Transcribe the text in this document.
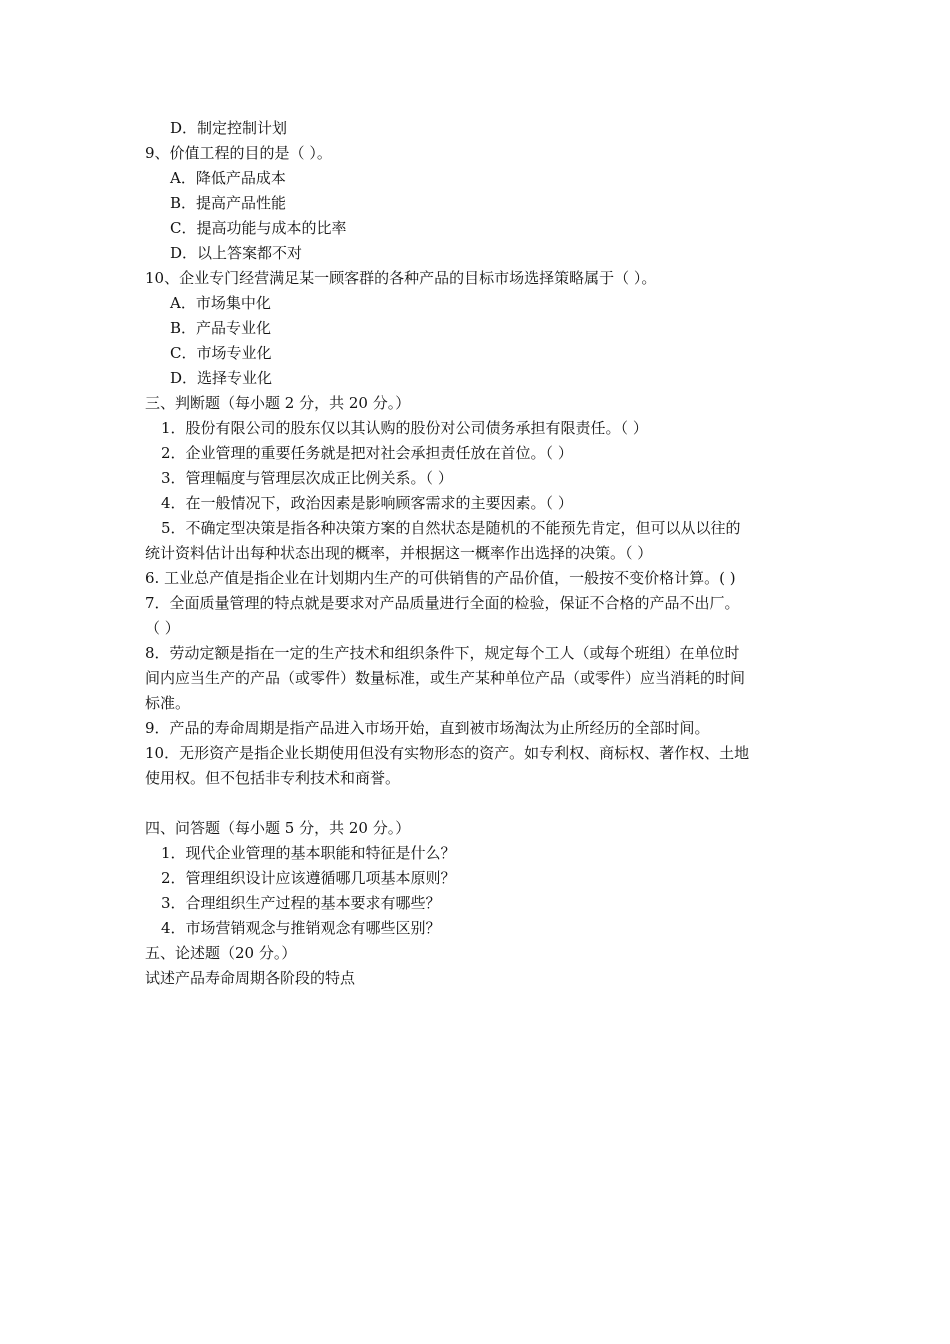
D．制定控制计划
9、价值工程的目的是（ ）。
A．降低产品成本
B．提高产品性能
C．提高功能与成本的比率
D．以上答案都不对
10、企业专门经营满足某一顾客群的各种产品的目标市场选择策略属于（ ）。
A．市场集中化
B．产品专业化
C．市场专业化
D．选择专业化
三、判断题（每小题 2 分，共 20 分。）
1．股份有限公司的股东仅以其认购的股份对公司债务承担有限责任。（ ）
2．企业管理的重要任务就是把对社会承担责任放在首位。（ ）
3．管理幅度与管理层次成正比例关系。（ ）
4．在一般情况下，政治因素是影响顾客需求的主要因素。（ ）
5．不确定型决策是指各种决策方案的自然状态是随机的不能预先肯定，但可以从以往的
统计资料估计出每种状态出现的概率，并根据这一概率作出选择的决策。（ ）
6. 工业总产值是指企业在计划期内生产的可供销售的产品价值，一般按不变价格计算。( )
7．全面质量管理的特点就是要求对产品质量进行全面的检验，保证不合格的产品不出厂。
（ ）
8．劳动定额是指在一定的生产技术和组织条件下，规定每个工人（或每个班组）在单位时
间内应当生产的产品（或零件）数量标准，或生产某种单位产品（或零件）应当消耗的时间
标准。
9．产品的寿命周期是指产品进入市场开始，直到被市场淘汰为止所经历的全部时间。
10．无形资产是指企业长期使用但没有实物形态的资产。如专利权、商标权、著作权、土地
使用权。但不包括非专利技术和商誉。
四、问答题（每小题 5 分，共 20 分。）
1．现代企业管理的基本职能和特征是什么？
2．管理组织设计应该遵循哪几项基本原则？
3．合理组织生产过程的基本要求有哪些？
4．市场营销观念与推销观念有哪些区别？
五、论述题（20 分。）
试述产品寿命周期各阶段的特点
